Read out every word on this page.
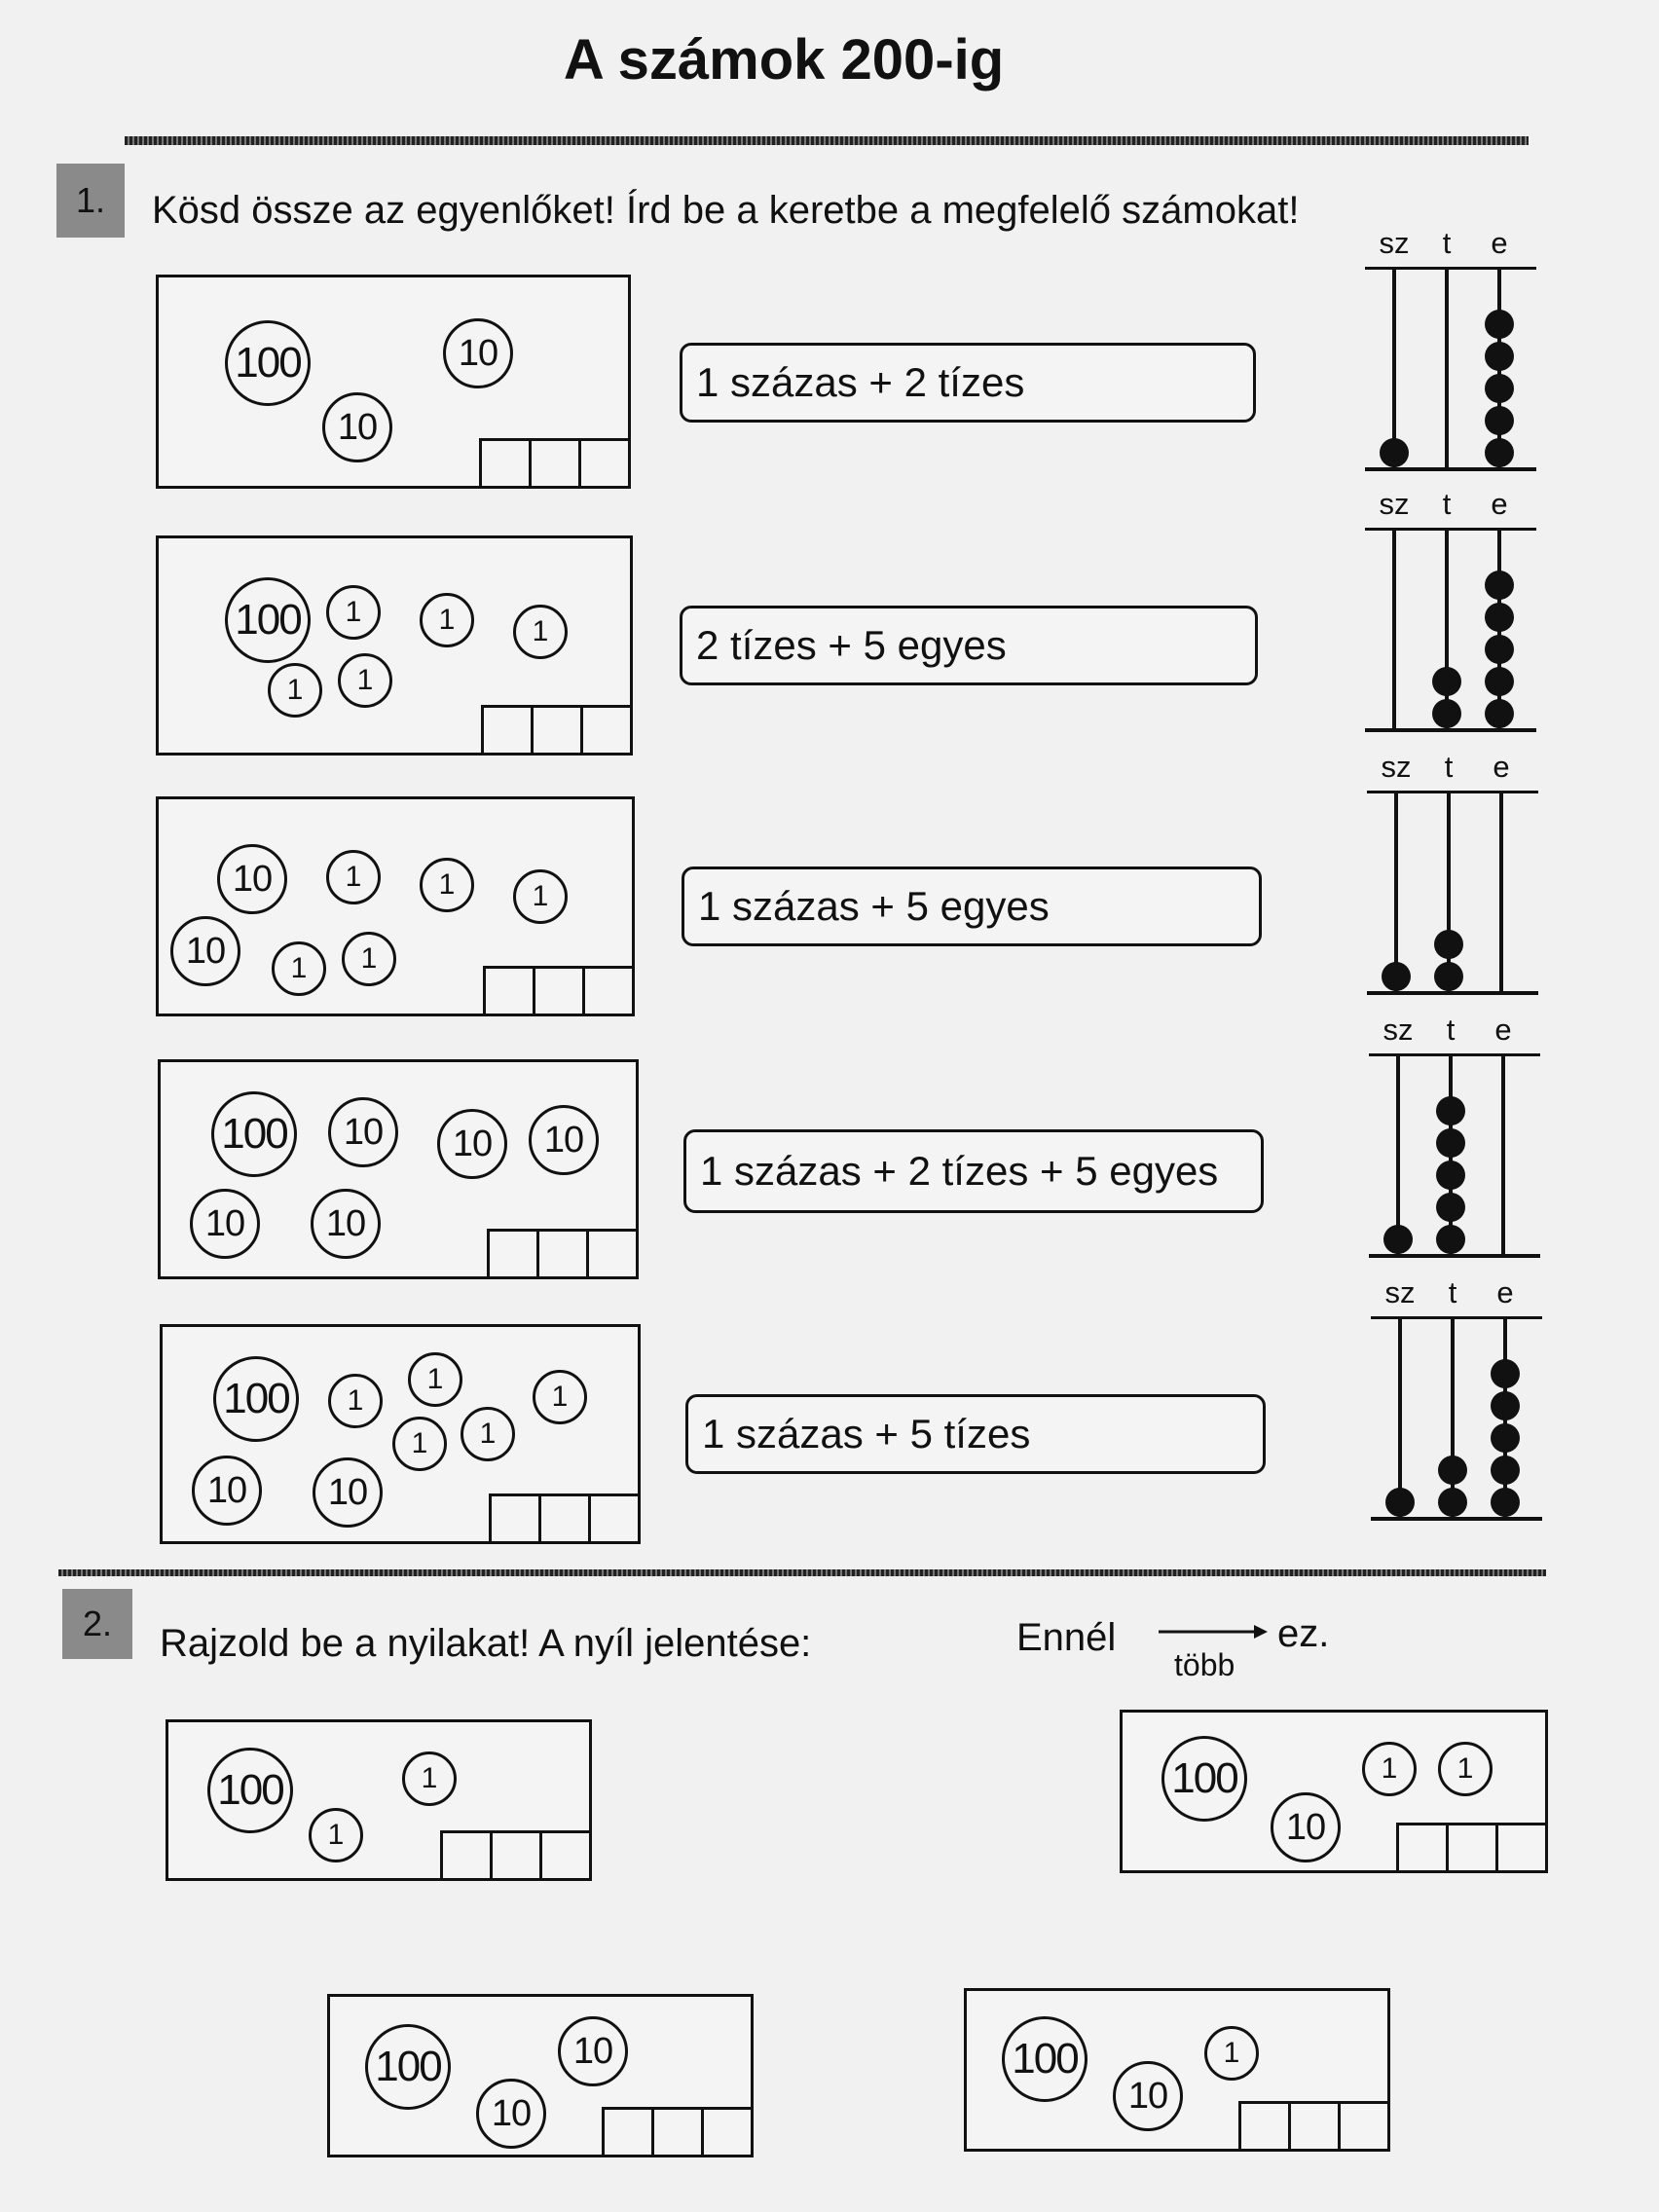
A számok 200-ig
1.	Kösd össze az egyenlőket! Írd be a keretbe a megfelelő számokat!
100	10
10
100	1	1	1
1	1
10	1	1	1
10	1	1
100	10	10	10
10	10
100	1
1
1
1	1
10	10
1 százas + 2 tízes
2 tízes + 5 egyes
1 százas + 5 egyes
1 százas + 2 tízes + 5 egyes
1 százas + 5 tízes
sz	t	e
sz	t	e
sz	t	e
sz	t	e
sz	t	e
2.	Rajzold be a nyilakat! A nyíl jelentése:	Ennél
több
ez.
100	1
1
100	1	1
10
100	10
10
100	1
10
